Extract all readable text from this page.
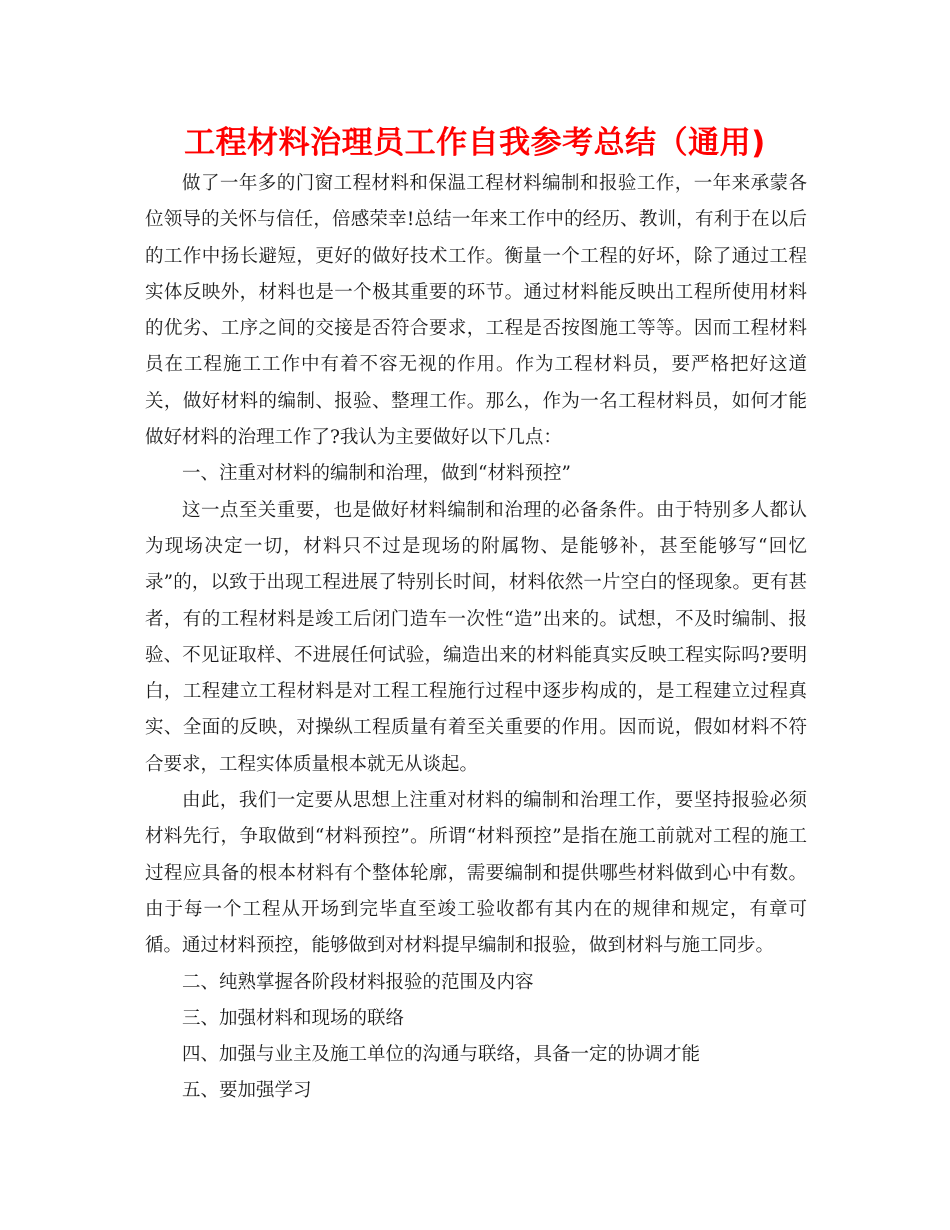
工程材料治理员工作自我参考总结（通用)

做了一年多的门窗工程材料和保温工程材料编制和报验工作，一年来承蒙各位领导的关怀与信任，倍感荣幸!总结一年来工作中的经历、教训，有利于在以后的工作中扬长避短，更好的做好技术工作。衡量一个工程的好坏，除了通过工程实体反映外，材料也是一个极其重要的环节。通过材料能反映出工程所使用材料的优劣、工序之间的交接是否符合要求，工程是否按图施工等等。因而工程材料员在工程施工工作中有着不容无视的作用。作为工程材料员，要严格把好这道关，做好材料的编制、报验、整理工作。那么，作为一名工程材料员，如何才能做好材料的治理工作了?我认为主要做好以下几点：

一、注重对材料的编制和治理，做到“材料预控”

这一点至关重要，也是做好材料编制和治理的必备条件。由于特别多人都认为现场决定一切，材料只不过是现场的附属物、是能够补，甚至能够写“回忆录”的，以致于出现工程进展了特别长时间，材料依然一片空白的怪现象。更有甚者，有的工程材料是竣工后闭门造车一次性“造”出来的。试想，不及时编制、报验、不见证取样、不进展任何试验，编造出来的材料能真实反映工程实际吗?要明白，工程建立工程材料是对工程工程施行过程中逐步构成的，是工程建立过程真实、全面的反映，对操纵工程质量有着至关重要的作用。因而说，假如材料不符合要求，工程实体质量根本就无从谈起。

由此，我们一定要从思想上注重对材料的编制和治理工作，要坚持报验必须材料先行，争取做到“材料预控”。所谓“材料预控”是指在施工前就对工程的施工过程应具备的根本材料有个整体轮廓，需要编制和提供哪些材料做到心中有数。由于每一个工程从开场到完毕直至竣工验收都有其内在的规律和规定，有章可循。通过材料预控，能够做到对材料提早编制和报验，做到材料与施工同步。

二、纯熟掌握各阶段材料报验的范围及内容

三、加强材料和现场的联络

四、加强与业主及施工单位的沟通与联络，具备一定的协调才能

五、要加强学习
